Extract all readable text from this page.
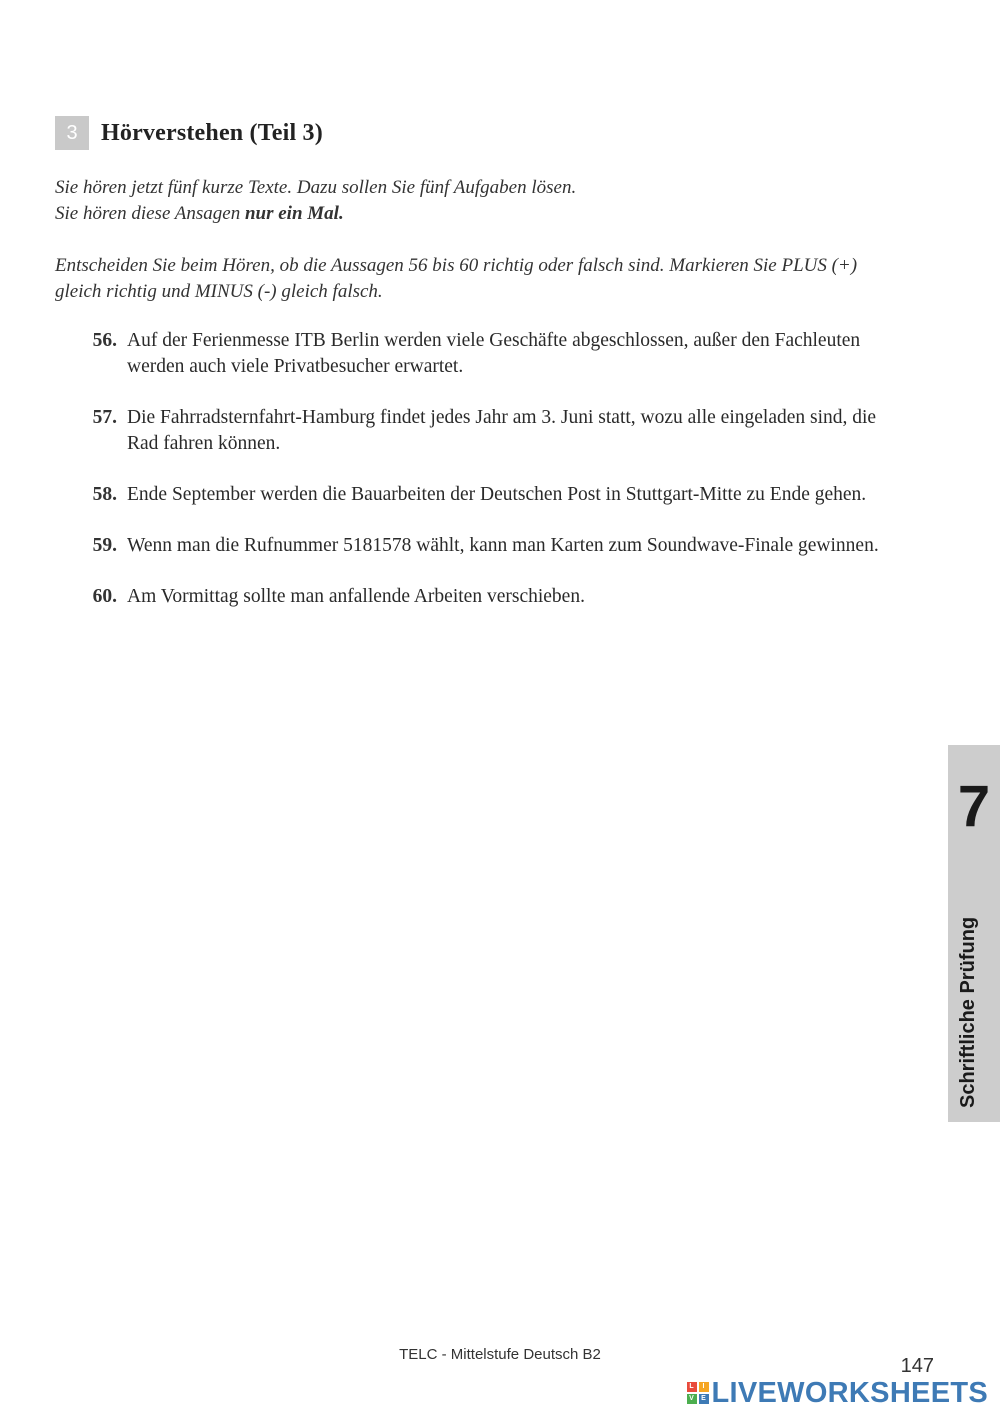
3 Hörverstehen (Teil 3)
Sie hören jetzt fünf kurze Texte. Dazu sollen Sie fünf Aufgaben lösen.
Sie hören diese Ansagen nur ein Mal.
Entscheiden Sie beim Hören, ob die Aussagen 56 bis 60 richtig oder falsch sind. Markieren Sie PLUS (+)
gleich richtig und MINUS (-) gleich falsch.
56. Auf der Ferienmesse ITB Berlin werden viele Geschäfte abgeschlossen, außer den Fachleuten
werden auch viele Privatbesucher erwartet.
57. Die Fahrradsternfahrt-Hamburg findet jedes Jahr am 3. Juni statt, wozu alle eingeladen sind, die
Rad fahren können.
58. Ende September werden die Bauarbeiten der Deutschen Post in Stuttgart-Mitte zu Ende gehen.
59. Wenn man die Rufnummer 5181578 wählt, kann man Karten zum Soundwave-Finale gewinnen.
60. Am Vormittag sollte man anfallende Arbeiten verschieben.
7
Schriftliche Prüfung
TELC - Mittelstufe Deutsch B2
147
L	I
V	E LIVEWORKSHEETS
